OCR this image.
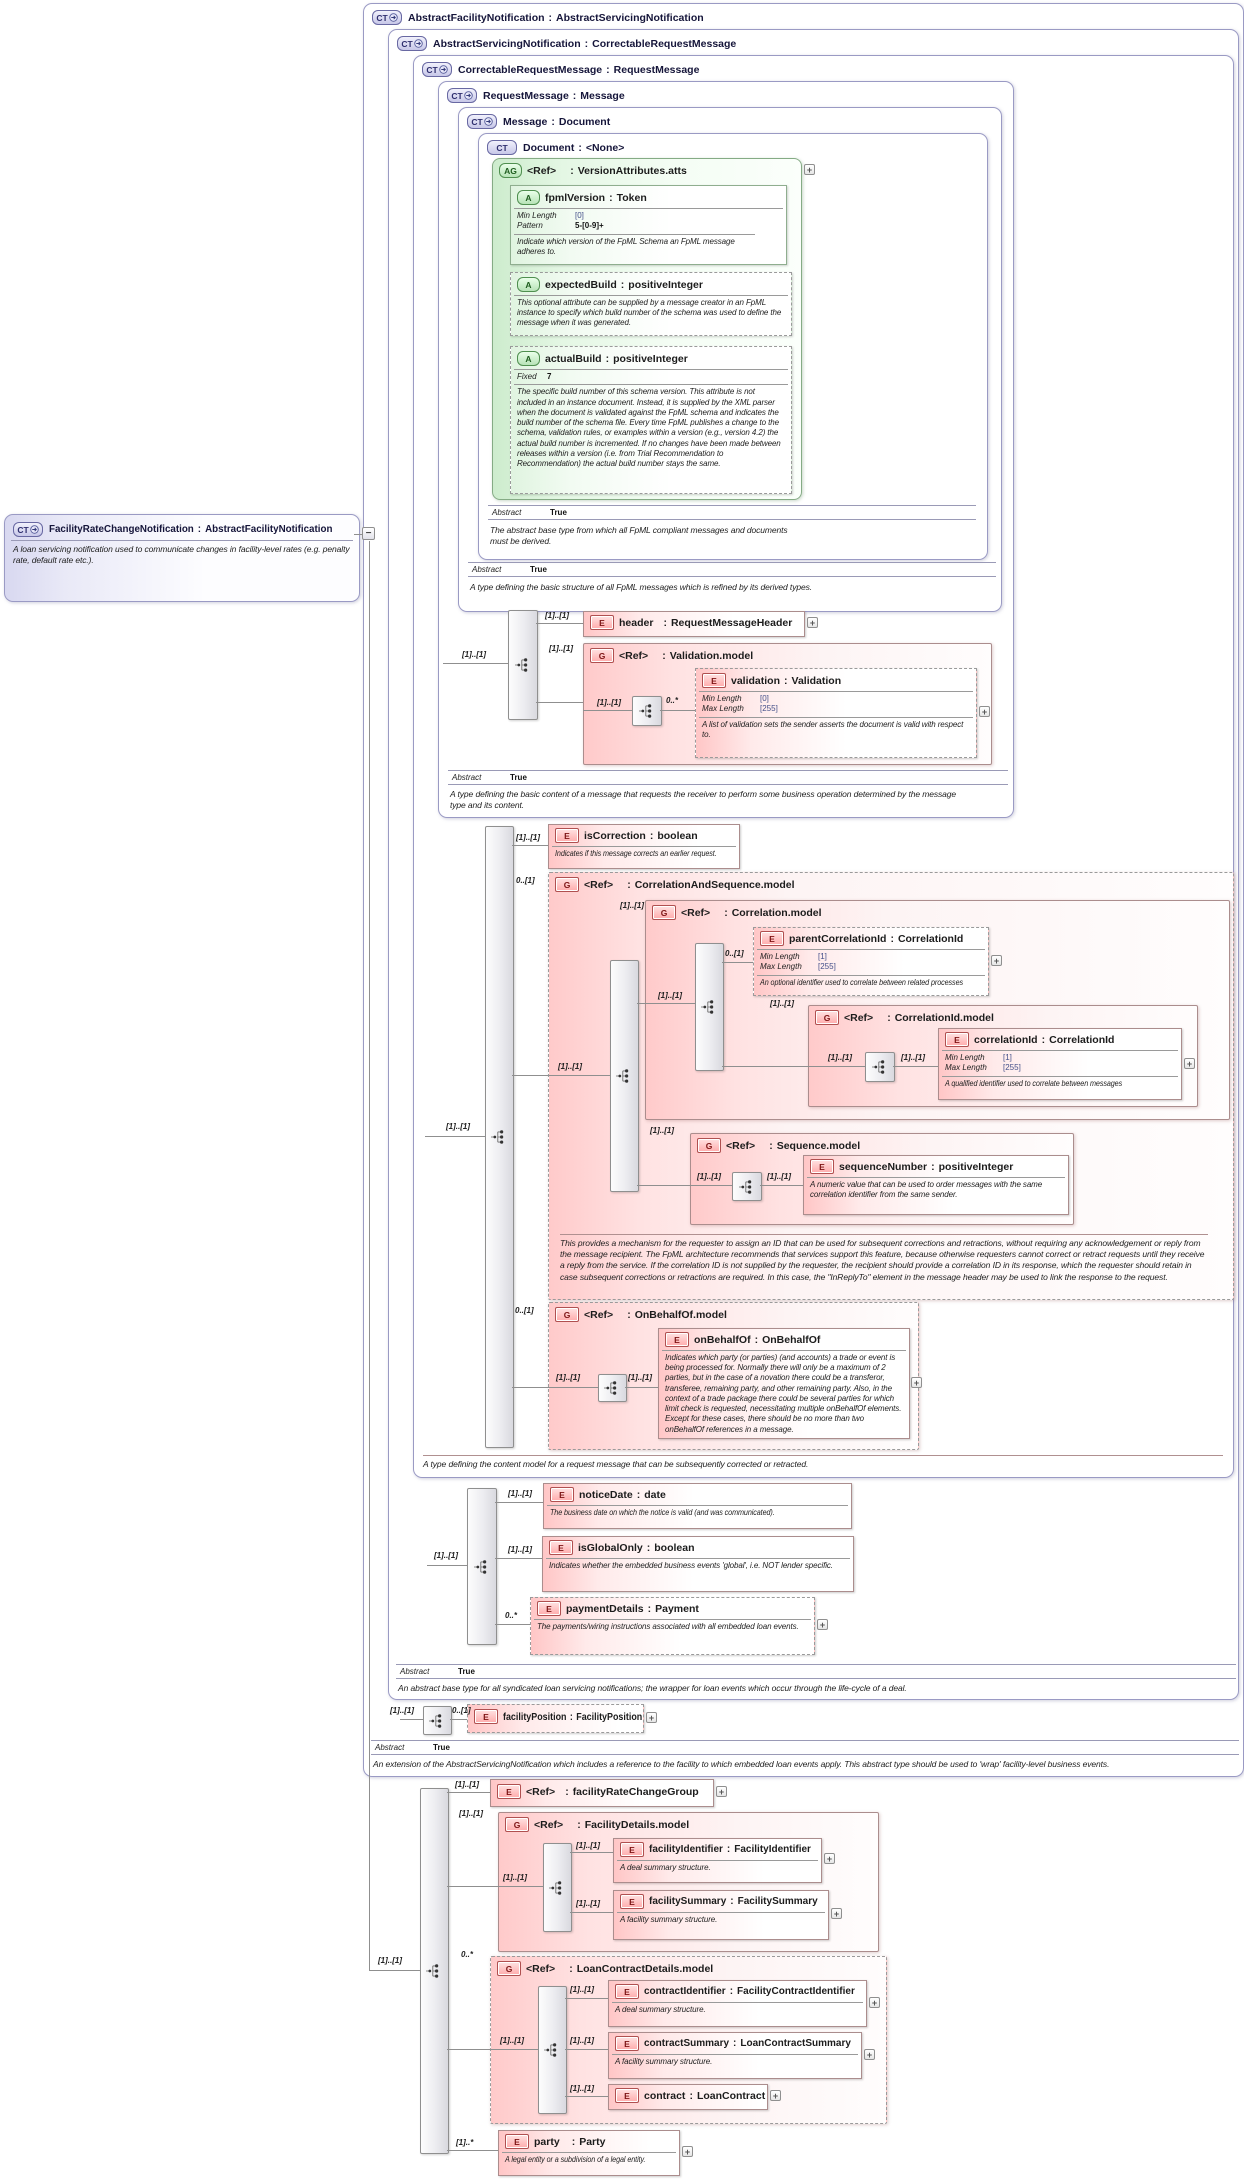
CT AbstractFacilityNotification : AbstractServicingNotification
CT AbstractServicingNotification : CorrectableRequestMessage
CT CorrectableRequestMessage : RequestMessage
CT RequestMessage : Message
CT Message : Document
CT Document : <None>
CT FacilityRateChangeNotification : AbstractFacilityNotification
A loan servicing notification used to communicate changes in facility-level rates (e.g. penalty rate, default rate etc.).
AG <Ref> : VersionAttributes.atts
G	<Ref> : Validation.model
G	<Ref> : CorrelationAndSequence.model
G	<Ref> : Correlation.model
G	<Ref> : CorrelationId.model
G	<Ref> : Sequence.model
G	<Ref> : OnBehalfOf.model
G	<Ref> : FacilityDetails.model
G	<Ref> : LoanContractDetails.model
A	fpmlVersion : Token
Min Length	[0]
Pattern	5-[0-9]+
Indicate which version of the FpML Schema an FpML message adheres to.
A	expectedBuild : positiveInteger
This optional attribute can be supplied by a message creator in an FpML instance to specify which build number of the schema was used to define the message when it was generated.
A	actualBuild : positiveInteger
Fixed	7
The specific build number of this schema version. This attribute is not included in an instance document. Instead, it is supplied by the XML parser when the document is validated against the FpML schema and indicates the build number of the schema file. Every time FpML publishes a change to the schema, validation rules, or examples within a version (e.g., version 4.2) the actual build number is incremented. If no changes have been made between releases within a version (i.e. from Trial Recommendation to Recommendation) the actual build number stays the same.
E	header : RequestMessageHeader
E	validation : Validation
Min Length	[0]
Max Length	[255]
A list of validation sets the sender asserts the document is valid with respect to.
E	isCorrection : boolean
Indicates if this message corrects an earlier request.
E	parentCorrelationId : CorrelationId
Min Length	[1]
Max Length	[255]
An optional identifier used to correlate between related processes
E	correlationId : CorrelationId
Min Length	[1]
Max Length	[255]
A qualified identifier used to correlate between messages
E	sequenceNumber : positiveInteger
A numeric value that can be used to order messages with the same correlation identifier from the same sender.
E	onBehalfOf : OnBehalfOf
Indicates which party (or parties) (and accounts) a trade or event is being processed for. Normally there will only be a maximum of 2 parties, but in the case of a novation there could be a transferor, transferee, remaining party, and other remaining party. Also, in the context of a trade package there could be several parties for which limit check is requested, necessitating multiple onBehalfOf elements. Except for these cases, there should be no more than two onBehalfOf references in a message.
E	noticeDate : date
The business date on which the notice is valid (and was communicated).
E	isGlobalOnly : boolean
Indicates whether the embedded business events 'global', i.e. NOT lender specific.
E	paymentDetails : Payment
The payments/wiring instructions associated with all embedded loan events.
E	facilityPosition : FacilityPosition
E	<Ref> : facilityRateChangeGroup
E	facilityIdentifier : FacilityIdentifier
A deal summary structure.
E	facilitySummary : FacilitySummary
A facility summary structure.
E	contractIdentifier : FacilityContractIdentifier
A deal summary structure.
E	contractSummary : LoanContractSummary
A facility summary structure.
E	contract : LoanContract
E	party : Party
A legal entity or a subdivision of a legal entity.
Abstract	True
The abstract base type from which all FpML compliant messages and documents must be derived.
Abstract	True
A type defining the basic structure of all FpML messages which is refined by its derived types.
Abstract	True
A type defining the basic content of a message that requests the receiver to perform some business operation determined by the message type and its content.
A type defining the content model for a request message that can be subsequently corrected or retracted.
Abstract	True
An abstract base type for all syndicated loan servicing notifications; the wrapper for loan events which occur through the life-cycle of a deal.
Abstract	True
An extension of the AbstractServicingNotification which includes a reference to the facility to which embedded loan events apply. This abstract type should be used to 'wrap' facility-level business events.
This provides a mechanism for the requester to assign an ID that can be used for subsequent corrections and retractions, without requiring any acknowledgement or reply from the message recipient. The FpML architecture recommends that services support this feature, because otherwise requesters cannot correct or retract requests until they receive a reply from the service. If the correlation ID is not supplied by the requester, the recipient should provide a correlation ID in its response, which the requester should retain in case subsequent corrections or retractions are required. In this case, the "InReplyTo" element in the message header may be used to link the response to the request.
[1]..[1]
[1]..[1]
[1]..[1]
[1]..[1]	0..*
[1]..[1]
[1]..[1]
0..[1]
[1]..[1]
[1]..[1]
[1]..[1]
0..[1]
[1]..[1]
[1]..[1]	[1]..[1]
[1]..[1]
[1]..[1]	[1]..[1]
0..[1]
[1]..[1]	[1]..[1]
[1]..[1]
[1]..[1]
[1]..[1]
0..*
[1]..[1]	0..[1]
[1]..[1]
[1]..[1]
[1]..[1]
[1]..[1]
[1]..[1]
[1]..[1]
0..*
[1]..[1]
[1]..[1]
[1]..[1]
[1]..[1]
[1]..*
+
+
+
+
+
+
+
+
+
+
+
+
+
+
+
−
